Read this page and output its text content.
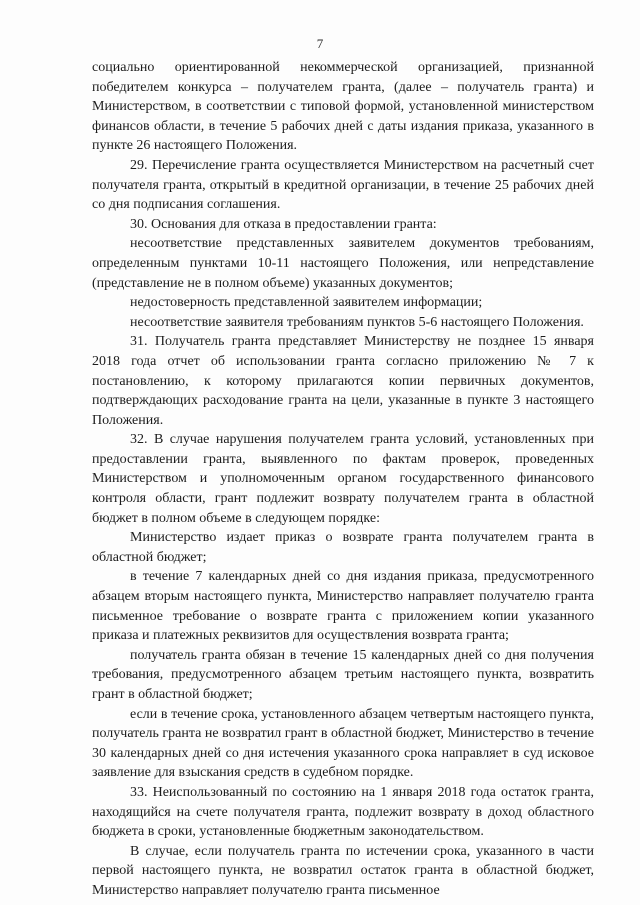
7

социально ориентированной некоммерческой организацией, признанной победителем конкурса – получателем гранта, (далее – получатель гранта) и Министерством, в соответствии с типовой формой, установленной министерством финансов области, в течение 5 рабочих дней с даты издания приказа, указанного в пункте 26 настоящего Положения.

29. Перечисление гранта осуществляется Министерством на расчетный счет получателя гранта, открытый в кредитной организации, в течение 25 рабочих дней со дня подписания соглашения.

30. Основания для отказа в предоставлении гранта:

несоответствие представленных заявителем документов требованиям, определенным пунктами 10-11 настоящего Положения, или непредставление (представление не в полном объеме) указанных документов;

недостоверность представленной заявителем информации;

несоответствие заявителя требованиям пунктов 5-6 настоящего Положения.

31. Получатель гранта представляет Министерству не позднее 15 января 2018 года отчет об использовании гранта согласно приложению № 7 к постановлению, к которому прилагаются копии первичных документов, подтверждающих расходование гранта на цели, указанные в пункте 3 настоящего Положения.

32. В случае нарушения получателем гранта условий, установленных при предоставлении гранта, выявленного по фактам проверок, проведенных Министерством и уполномоченным органом государственного финансового контроля области, грант подлежит возврату получателем гранта в областной бюджет в полном объеме в следующем порядке:

Министерство издает приказ о возврате гранта получателем гранта в областной бюджет;

в течение 7 календарных дней со дня издания приказа, предусмотренного абзацем вторым настоящего пункта, Министерство направляет получателю гранта письменное требование о возврате гранта с приложением копии указанного приказа и платежных реквизитов для осуществления возврата гранта;

получатель гранта обязан в течение 15 календарных дней со дня получения требования, предусмотренного абзацем третьим настоящего пункта, возвратить грант в областной бюджет;

если в течение срока, установленного абзацем четвертым настоящего пункта, получатель гранта не возвратил грант в областной бюджет, Министерство в течение 30 календарных дней со дня истечения указанного срока направляет в суд исковое заявление для взыскания средств в судебном порядке.

33. Неиспользованный по состоянию на 1 января 2018 года остаток гранта, находящийся на счете получателя гранта, подлежит возврату в доход областного бюджета в сроки, установленные бюджетным законодательством.

В случае, если получатель гранта по истечении срока, указанного в части первой настоящего пункта, не возвратил остаток гранта в областной бюджет, Министерство направляет получателю гранта письменное
